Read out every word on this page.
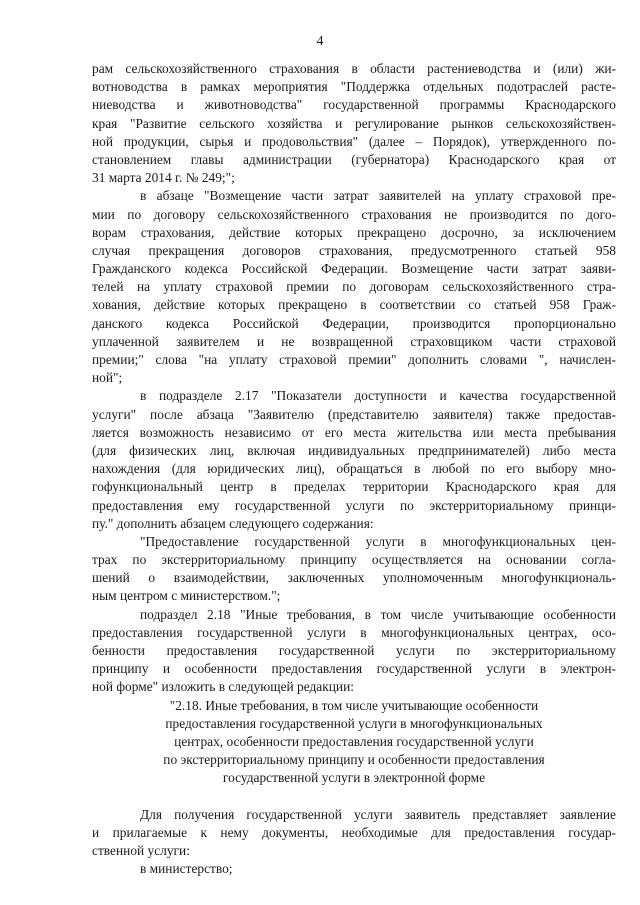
4
рам сельскохозяйственного страхования в области растениеводства и (или) жи-
вотноводства в рамках мероприятия "Поддержка отдельных подотраслей расте-
ниеводства и животноводства" государственной программы Краснодарского
края "Развитие сельского хозяйства и регулирование рынков сельскохозяйствен-
ной продукции, сырья и продовольствия" (далее – Порядок), утвержденного по-
становлением главы администрации (губернатора) Краснодарского края от
31 марта 2014 г. № 249;";
в абзаце "Возмещение части затрат заявителей на уплату страховой пре-
мии по договору сельскохозяйственного страхования не производится по дого-
ворам страхования, действие которых прекращено досрочно, за исключением
случая прекращения договоров страхования, предусмотренного статьей 958
Гражданского кодекса Российской Федерации. Возмещение части затрат заяви-
телей на уплату страховой премии по договорам сельскохозяйственного стра-
хования, действие которых прекращено в соответствии со статьей 958 Граж-
данского кодекса Российской Федерации, производится пропорционально
уплаченной заявителем и не возвращенной страховщиком части страховой
премии;" слова "на уплату страховой премии" дополнить словами ", начислен-
ной";
в подразделе 2.17 "Показатели доступности и качества государственной
услуги" после абзаца "Заявителю (представителю заявителя) также предостав-
ляется возможность независимо от его места жительства или места пребывания
(для физических лиц, включая индивидуальных предпринимателей) либо места
нахождения (для юридических лиц), обращаться в любой по его выбору мно-
гофункциональный центр в пределах территории Краснодарского края для
предоставления ему государственной услуги по экстерриториальному принци-
пу." дополнить абзацем следующего содержания:
"Предоставление государственной услуги в многофункциональных цен-
трах по экстерриториальному принципу осуществляется на основании согла-
шений о взаимодействии, заключенных уполномоченным многофункциональ-
ным центром с министерством.";
подраздел 2.18 "Иные требования, в том числе учитывающие особенности
предоставления государственной услуги в многофункциональных центрах, осо-
бенности предоставления государственной услуги по экстерриториальному
принципу и особенности предоставления государственной услуги в электрон-
ной форме" изложить в следующей редакции:
"2.18. Иные требования, в том числе учитывающие особенности
предоставления государственной услуги в многофункциональных
центрах, особенности предоставления государственной услуги
по экстерриториальному принципу и особенности предоставления
государственной услуги в электронной форме
Для получения государственной услуги заявитель представляет заявление
и прилагаемые к нему документы, необходимые для предоставления государ-
ственной услуги:
в министерство;
